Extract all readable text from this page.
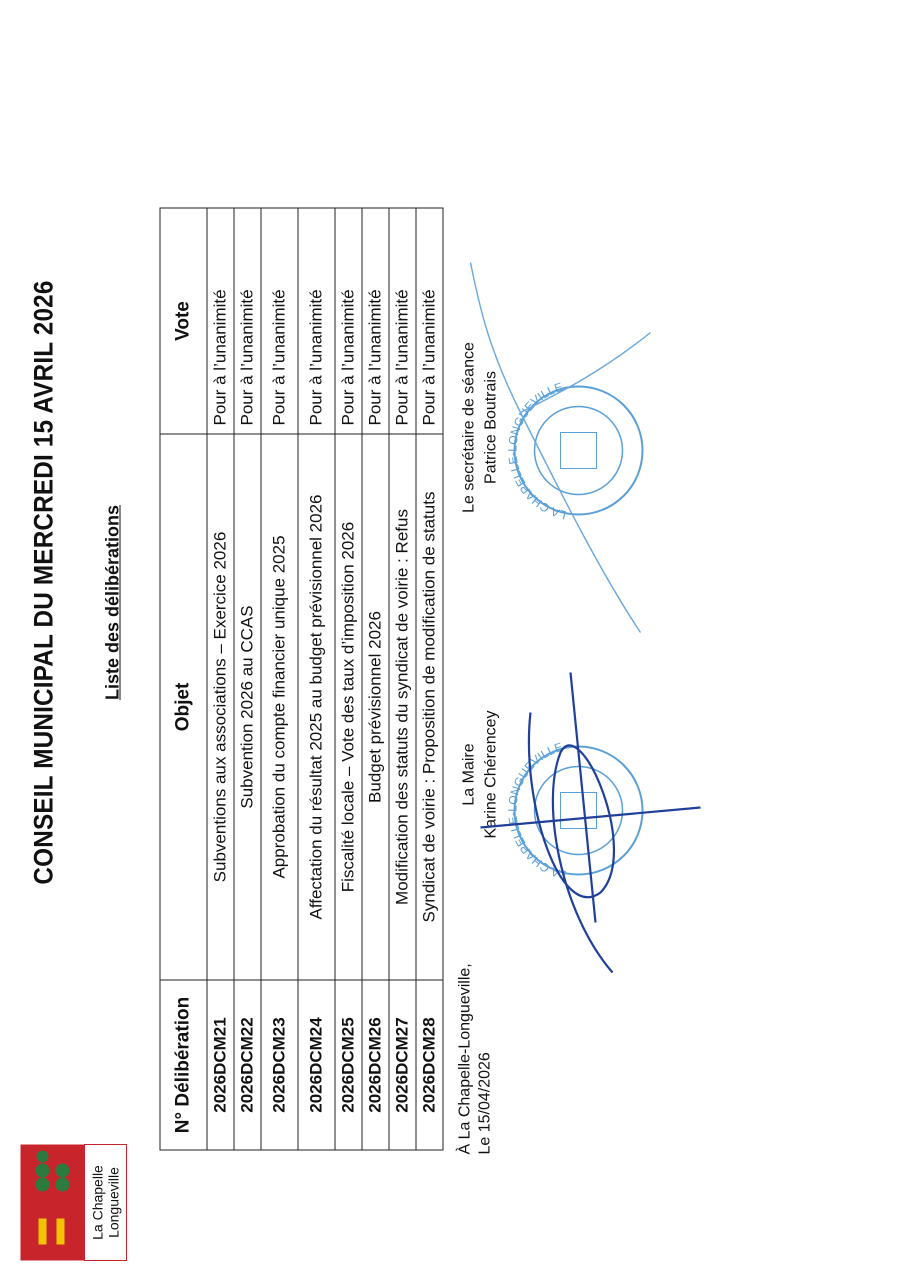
La Chapelle Longueville
CONSEIL MUNICIPAL DU MERCREDI 15 AVRIL 2026 Liste des délibérations
N° Délibération	Objet	Vote
2026DCM21	Subventions aux associations – Exercice 2026	Pour à l’unanimité
2026DCM22	Subvention 2026 au CCAS	Pour à l’unanimité
2026DCM23	Approbation du compte financier unique 2025	Pour à l’unanimité
2026DCM24	Affectation du résultat 2025 au budget prévisionnel 2026	Pour à l’unanimité
2026DCM25	Fiscalité locale – Vote des taux d’imposition 2026	Pour à l’unanimité
2026DCM26	Budget prévisionnel 2026	Pour à l’unanimité
2026DCM27	Modification des statuts du syndicat de voirie : Refus	Pour à l’unanimité
2026DCM28	Syndicat de voirie : Proposition de modification de statuts	Pour à l’unanimité
À La Chapelle-Longueville, Le 15/04/2026
La Maire Karine Chérencey
Le secrétaire de séance Patrice Boutrais
LA CHAPELLE-LONGUEVILLE
LA CHAPELLE-LONGUEVILLE
